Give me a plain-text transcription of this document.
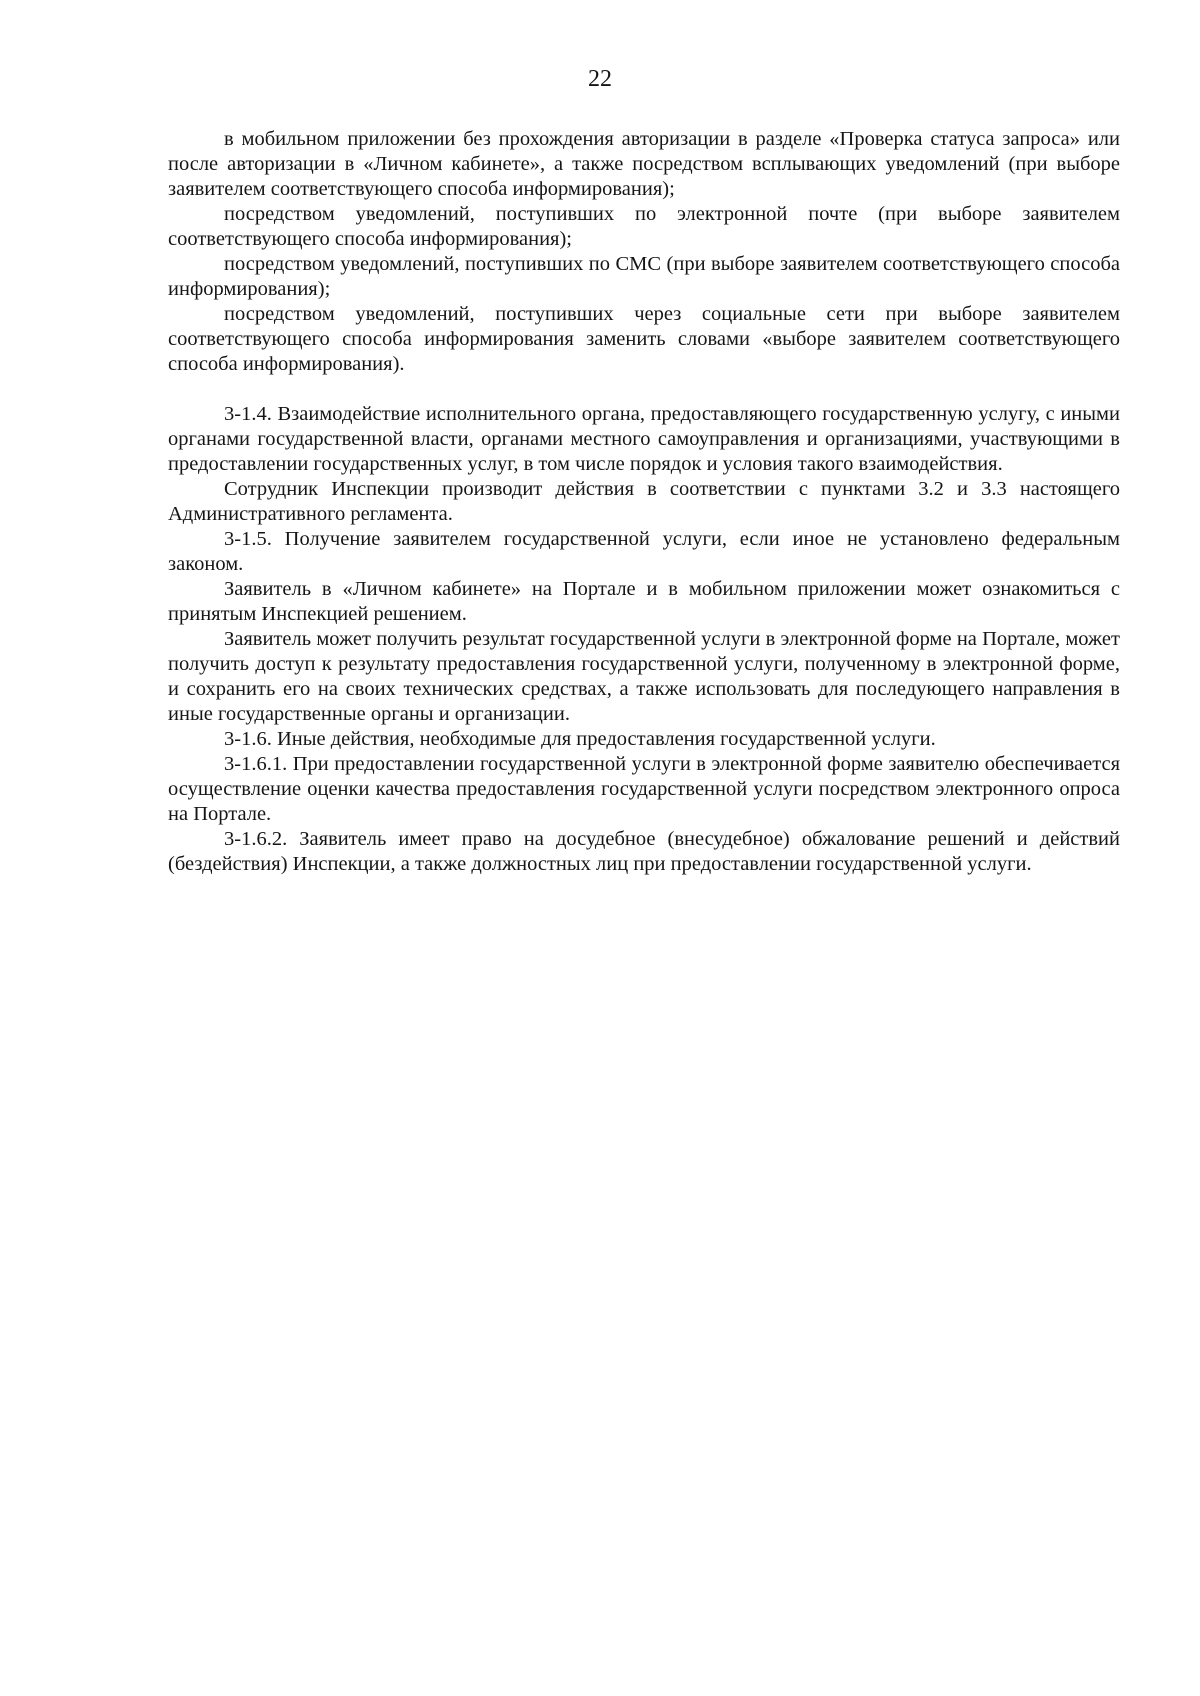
22

в мобильном приложении без прохождения авторизации в разделе «Проверка статуса запроса» или после авторизации в «Личном кабинете», а также посредством всплывающих уведомлений (при выборе заявителем соответствующего способа информирования);

посредством уведомлений, поступивших по электронной почте (при выборе заявителем соответствующего способа информирования);

посредством уведомлений, поступивших по СМС (при выборе заявителем соответствующего способа информирования);

посредством уведомлений, поступивших через социальные сети при выборе заявителем соответствующего способа информирования заменить словами «выборе заявителем соответствующего способа информирования).

3-1.4. Взаимодействие исполнительного органа, предоставляющего государственную услугу, с иными органами государственной власти, органами местного самоуправления и организациями, участвующими в предоставлении государственных услуг, в том числе порядок и условия такого взаимодействия.

Сотрудник Инспекции производит действия в соответствии с пунктами 3.2 и 3.3 настоящего Административного регламента.

3-1.5. Получение заявителем государственной услуги, если иное не установлено федеральным законом.

Заявитель в «Личном кабинете» на Портале и в мобильном приложении может ознакомиться с принятым Инспекцией решением.

Заявитель может получить результат государственной услуги в электронной форме на Портале, может получить доступ к результату предоставления государственной услуги, полученному в электронной форме, и сохранить его на своих технических средствах, а также использовать для последующего направления в иные государственные органы и организации.

3-1.6. Иные действия, необходимые для предоставления государственной услуги.

3-1.6.1. При предоставлении государственной услуги в электронной форме заявителю обеспечивается осуществление оценки качества предоставления государственной услуги посредством электронного опроса на Портале.

3-1.6.2. Заявитель имеет право на досудебное (внесудебное) обжалование решений и действий (бездействия) Инспекции, а также должностных лиц при предоставлении государственной услуги.
